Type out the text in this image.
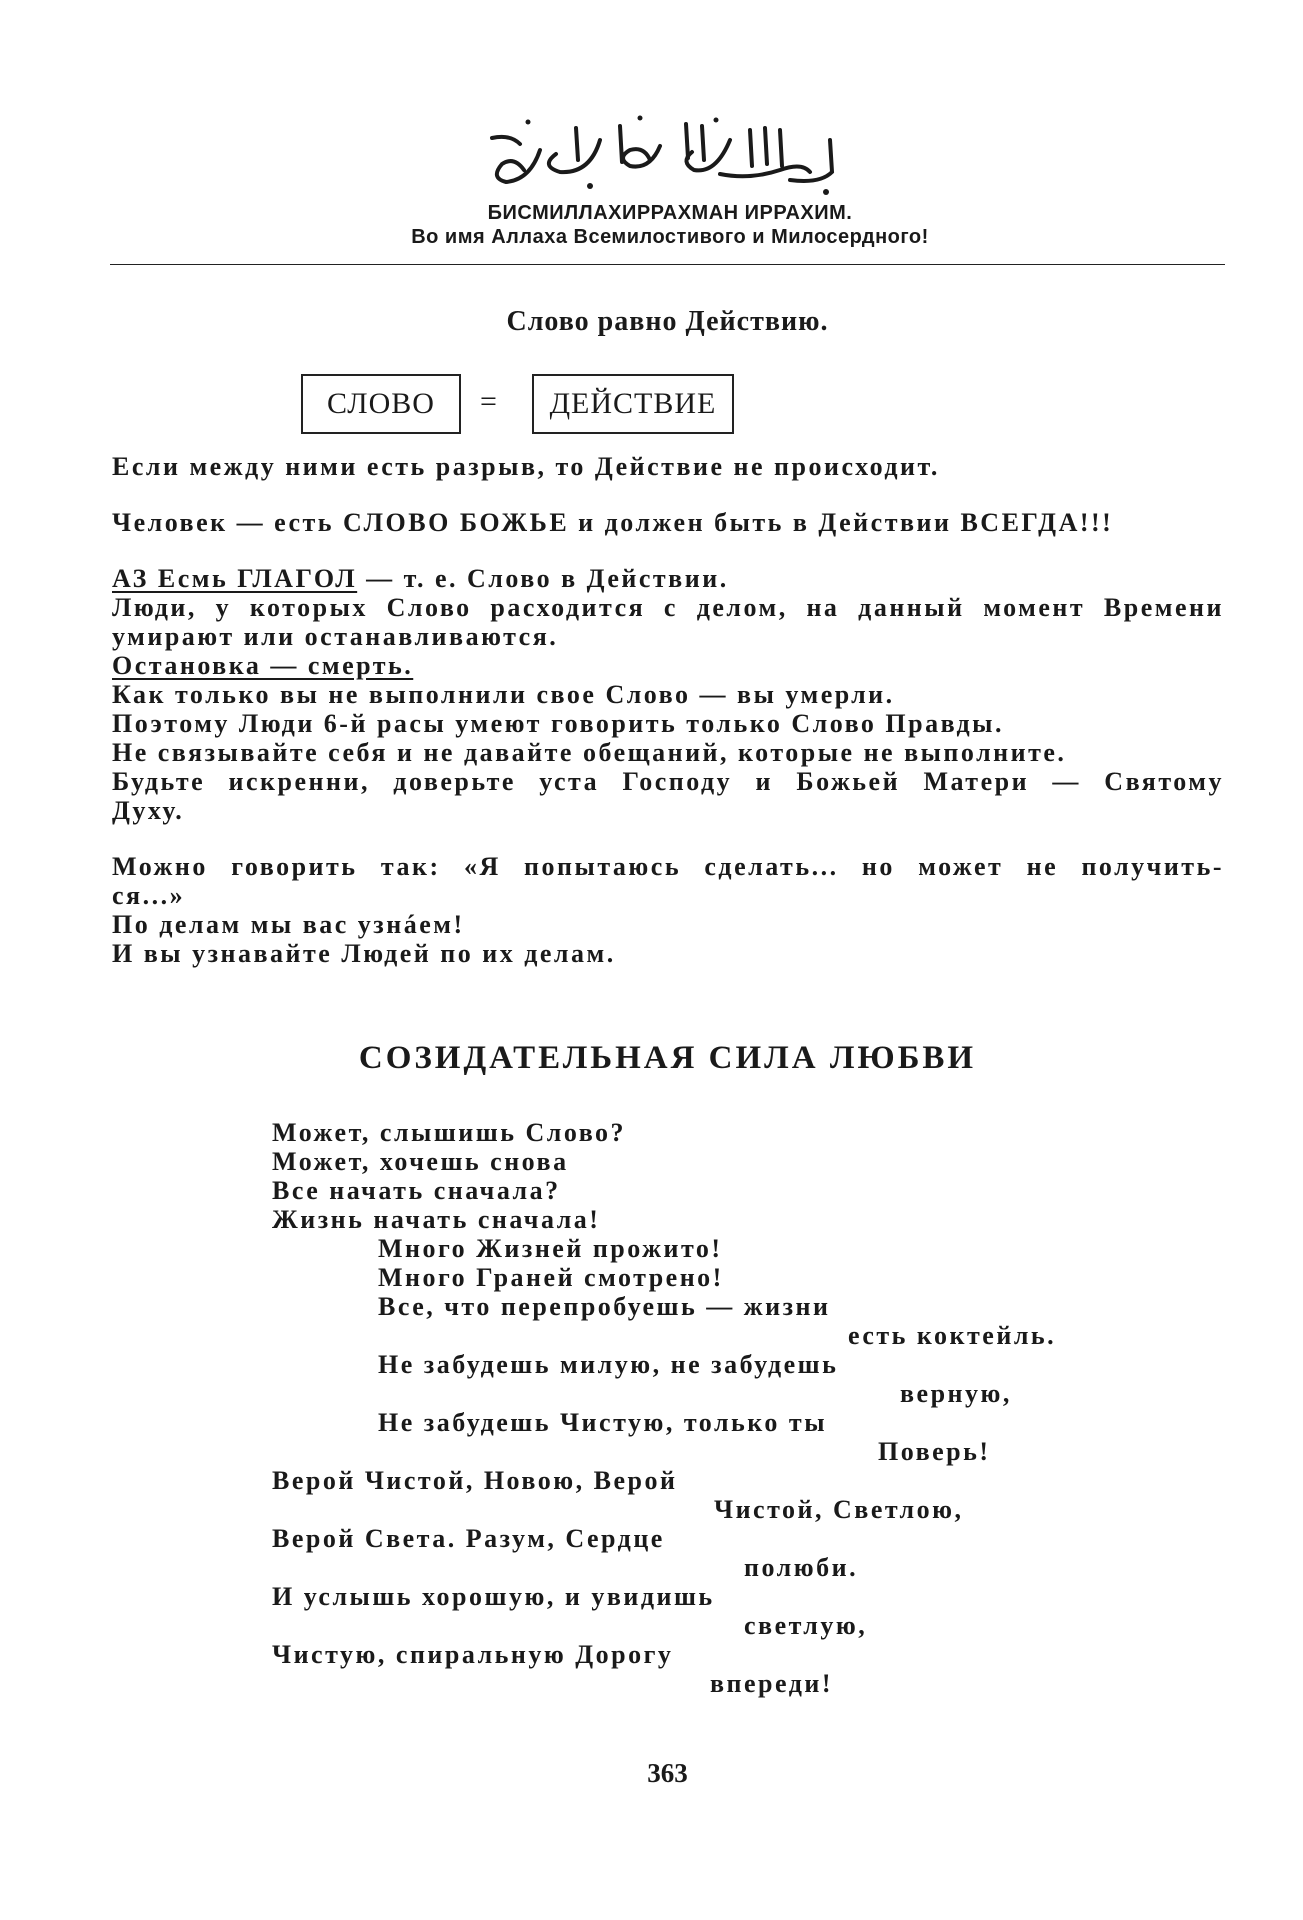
БИСМИЛЛАХИРРАХМАН ИРРАХИМ.
Во имя Аллаха Всемилостивого и Милосердного!
Слово равно Действию.
СЛОВО	=	ДЕЙСТВИЕ
Если между ними есть разрыв, то Действие не происходит.
Человек — есть СЛОВО БОЖЬЕ и должен быть в Действии ВСЕГДА!!!
АЗ Есмь ГЛАГОЛ — т. е. Слово в Действии.
Люди, у которых Слово расходится с делом, на данный момент Времени
умирают или останавливаются.
Остановка — смерть.
Как только вы не выполнили свое Слово — вы умерли.
Поэтому Люди 6-й расы умеют говорить только Слово Правды.
Не связывайте себя и не давайте обещаний, которые не выполните.
Будьте искренни, доверьте уста Господу и Божьей Матери — Святому
Духу.
Можно говорить так: «Я попытаюсь сделать... но может не получить-
ся...»
По делам мы вас узнáем!
И вы узнавайте Людей по их делам.
СОЗИДАТЕЛЬНАЯ СИЛА ЛЮБВИ
Может, слышишь Слово?
Может, хочешь снова
Все начать сначала?
Жизнь начать сначала!
Много Жизней прожито!
Много Граней смотрено!
Все, что перепробуешь — жизни
есть коктейль.
Не забудешь милую, не забудешь
верную,
Не забудешь Чистую, только ты
Поверь!
Верой Чистой, Новою, Верой
Чистой, Светлою,
Верой Света. Разум, Сердце
полюби.
И услышь хорошую, и увидишь
светлую,
Чистую, спиральную Дорогу
впереди!
363
